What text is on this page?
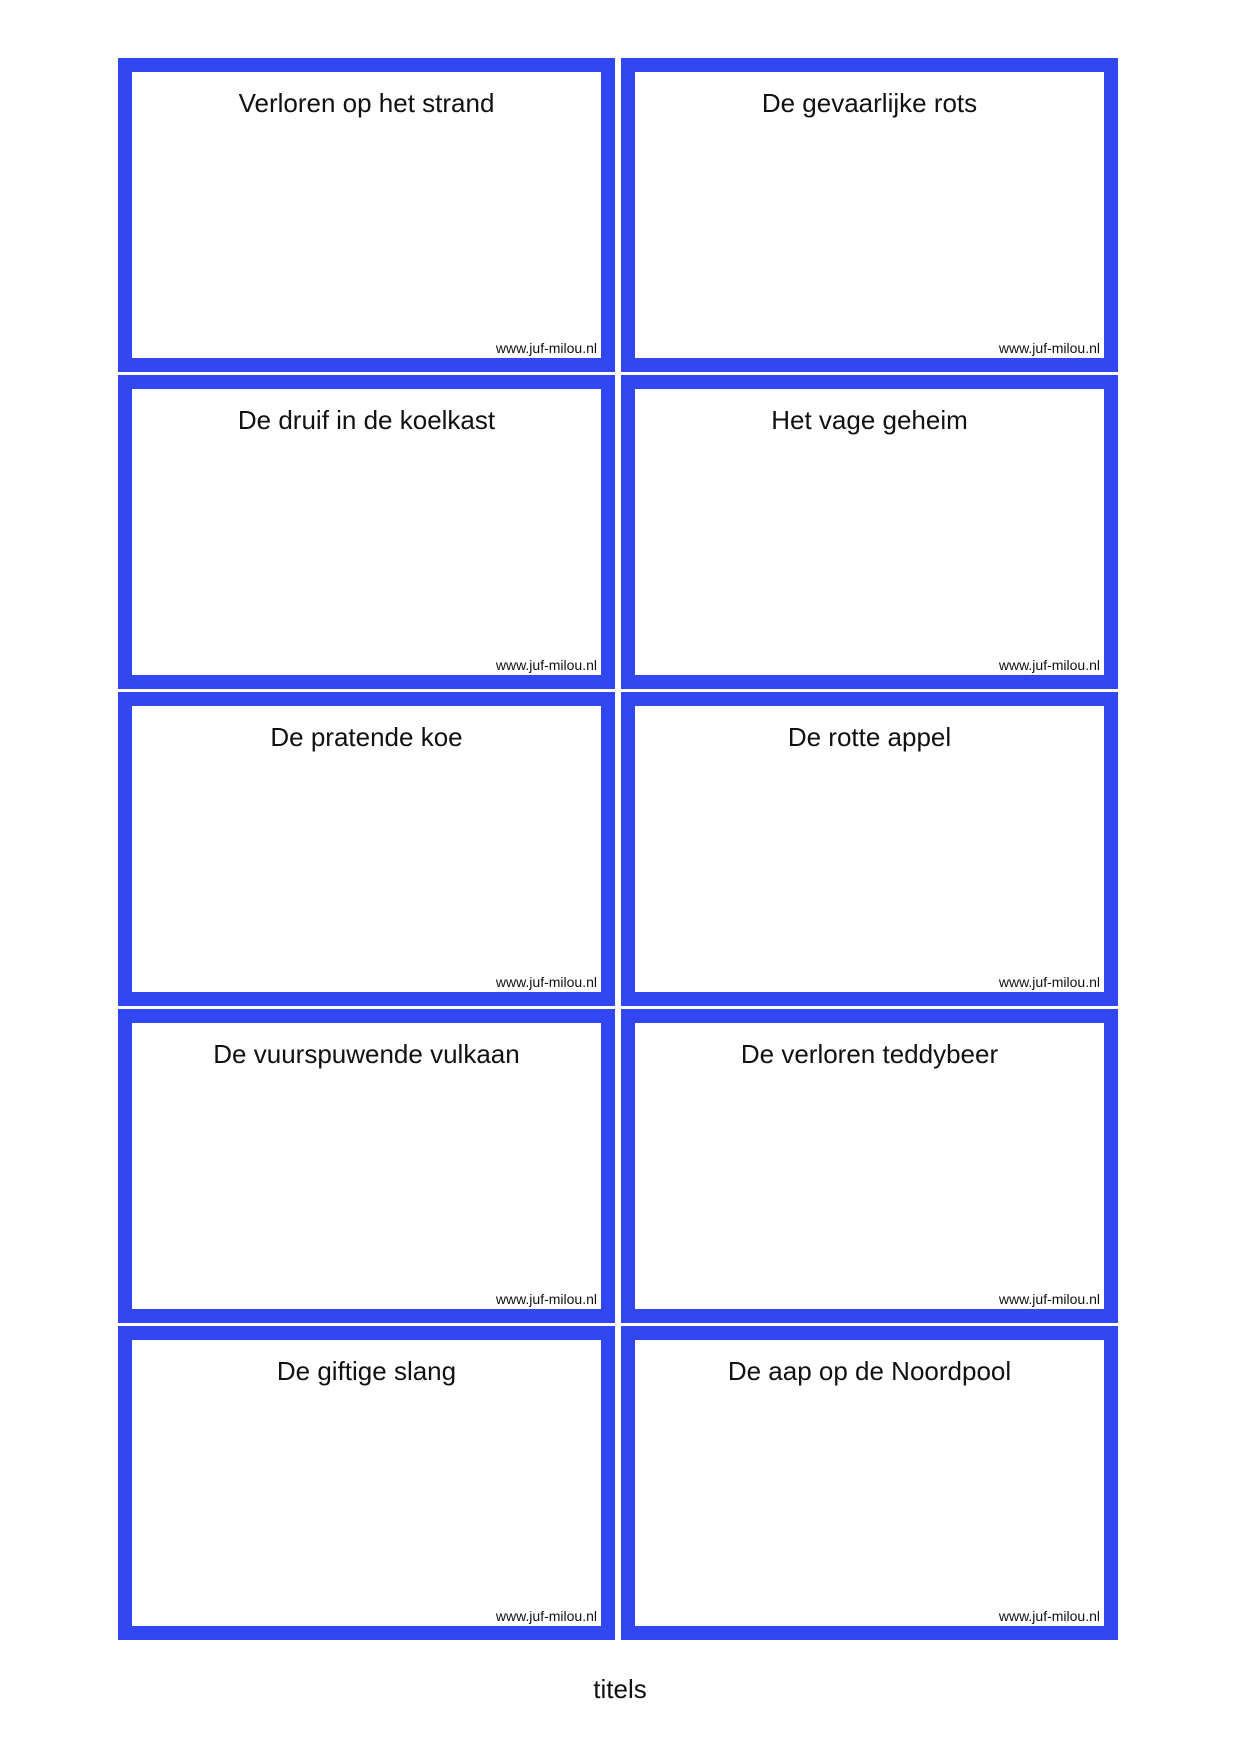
Verloren op het strand
www.juf-milou.nl
De gevaarlijke rots
www.juf-milou.nl
De druif in de koelkast
www.juf-milou.nl
Het vage geheim
www.juf-milou.nl
De pratende koe
www.juf-milou.nl
De rotte appel
www.juf-milou.nl
De vuurspuwende vulkaan
www.juf-milou.nl
De verloren teddybeer
www.juf-milou.nl
De giftige slang
www.juf-milou.nl
De aap op de Noordpool
www.juf-milou.nl
titels
